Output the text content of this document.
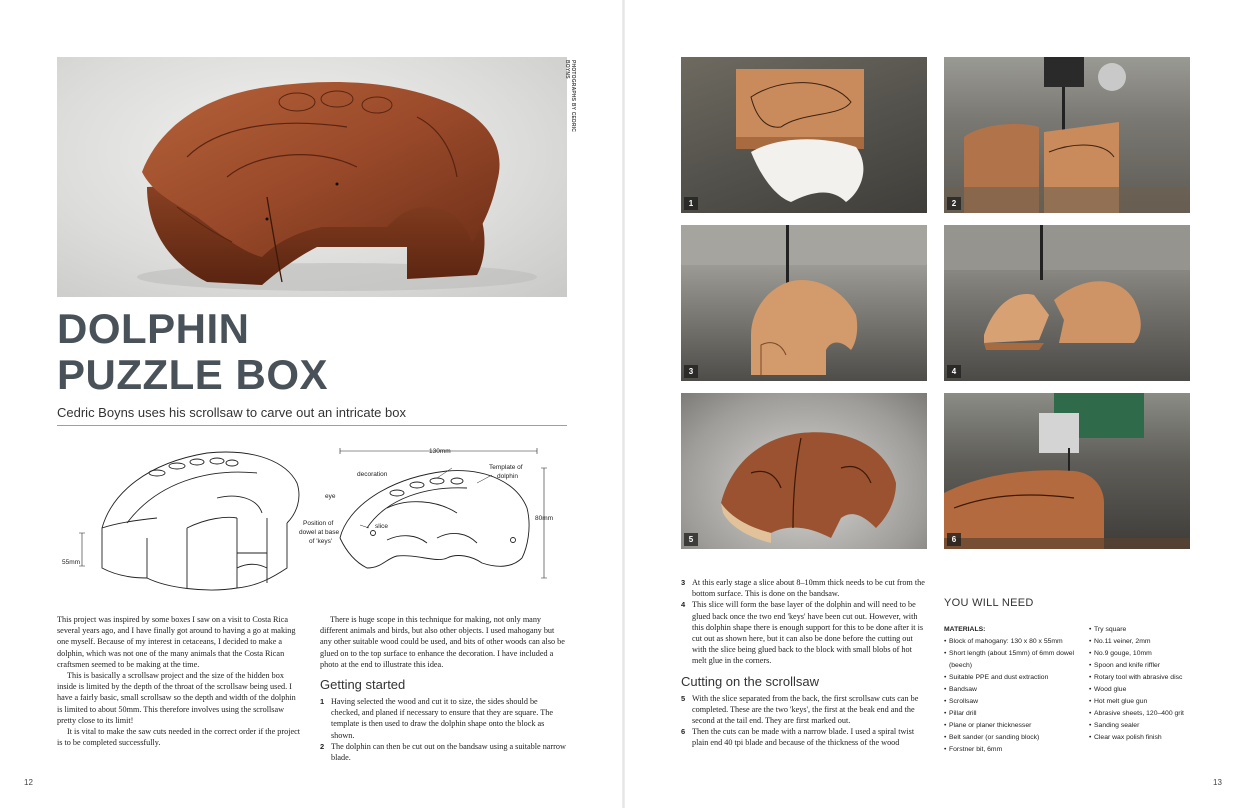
PHOTOGRAPHS BY CEDRIC BOYNS
DOLPHIN
PUZZLE BOX
Cedric Boyns uses his scrollsaw to carve out an intricate box
55mm
130mm
80mm
decoration
Template of
dolphin
eye
Position of
dowel at base
of 'keys'
slice

This project was inspired by some boxes I saw on a visit to Costa Rica several years ago, and I have finally got around to having a go at making one myself. Because of my interest in cetaceans, I decided to make a dolphin, which was not one of the many animals that the Costa Rican craftsmen seemed to be making at the time.

This is basically a scrollsaw project and the size of the hidden box inside is limited by the depth of the throat of the scrollsaw being used. I have a fairly basic, small scrollsaw so the depth and width of the dolphin is limited to about 50mm. This therefore involves using the scrollsaw pretty close to its limit!

It is vital to make the saw cuts needed in the correct order if the project is to be completed successfully.

There is huge scope in this technique for making, not only many different animals and birds, but also other objects. I used mahogany but any other suitable wood could be used, and bits of other woods can also be glued on to the top surface to enhance the decoration. I have included a photo at the end to illustrate this idea.

Getting started
1 Having selected the wood and cut it to size, the sides should be checked, and planed if necessary to ensure that they are square. The template is then used to draw the dolphin shape onto the block as shown.
2 The dolphin can then be cut out on the bandsaw using a suitable narrow blade.
12
1	2
3	4
5	6
3 At this early stage a slice about 8–10mm thick needs to be cut from the bottom surface. This is done on the bandsaw.
4 This slice will form the base layer of the dolphin and will need to be glued back once the two end 'keys' have been cut out. However, with this dolphin shape there is enough support for this to be done after it is cut out as shown here, but it can also be done before the cutting out with the slice being glued back to the block with small blobs of hot melt glue in the corners.
Cutting on the scrollsaw
5 With the slice separated from the back, the first scrollsaw cuts can be completed. These are the two 'keys', the first at the beak end and the second at the tail end. They are first marked out.
6 Then the cuts can be made with a narrow blade. I used a spiral twist plain end 40 tpi blade and because of the thickness of the wood
YOU WILL NEED
MATERIALS:
• Block of mahogany: 130 x 80 x 55mm
• Short length (about 15mm) of 6mm dowel (beech)
• Suitable PPE and dust extraction
• Bandsaw
• Scrollsaw
• Pillar drill
• Plane or planer thicknesser
• Belt sander (or sanding block)
• Forstner bit, 6mm
• Try square
• No.11 veiner, 2mm
• No.9 gouge, 10mm
• Spoon and knife riffler
• Rotary tool with abrasive disc
• Wood glue
• Hot melt glue gun
• Abrasive sheets, 120–400 grit
• Sanding sealer
• Clear wax polish finish
13
